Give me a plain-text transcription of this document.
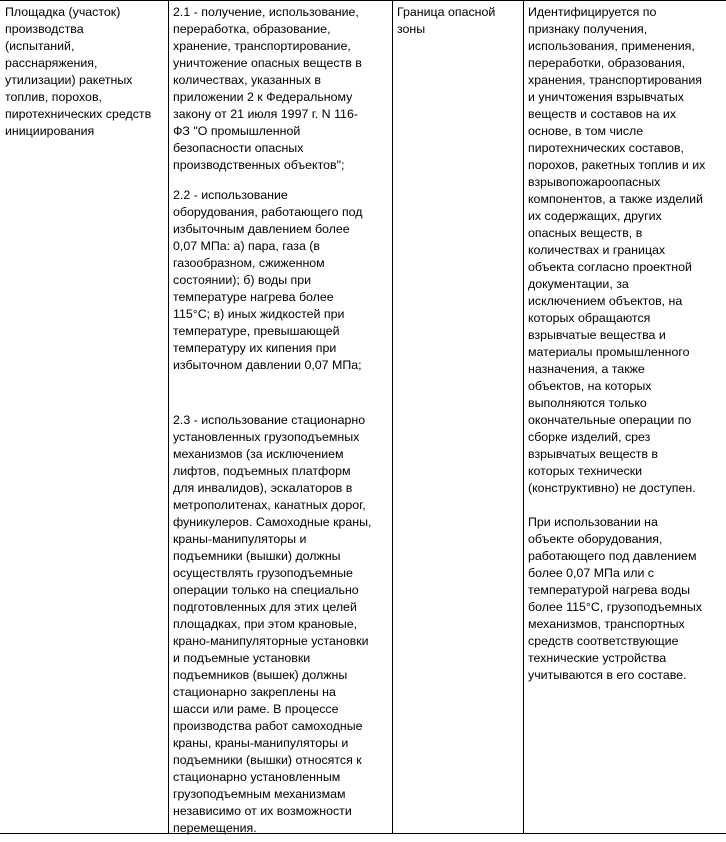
Площадка (участок)
производства
(испытаний,
расснаряжения,
утилизации) ракетных
топлив, порохов,
пиротехнических средств
инициирования
2.1 - получение, использование,
переработка, образование,
хранение, транспортирование,
уничтожение опасных веществ в
количествах, указанных в
приложении 2 к Федеральному
закону от 21 июля 1997 г. N 116-
ФЗ "О промышленной
безопасности опасных
производственных объектов";
2.2 - использование
оборудования, работающего под
избыточным давлением более
0,07 МПа: а) пара, газа (в
газообразном, сжиженном
состоянии); б) воды при
температуре нагрева более
115°С; в) иных жидкостей при
температуре, превышающей
температуру их кипения при
избыточном давлении 0,07 МПа;
2.3 - использование стационарно
установленных грузоподъемных
механизмов (за исключением
лифтов, подъемных платформ
для инвалидов), эскалаторов в
метрополитенах, канатных дорог,
фуникулеров. Самоходные краны,
краны-манипуляторы и
подъемники (вышки) должны
осуществлять грузоподъемные
операции только на специально
подготовленных для этих целей
площадках, при этом крановые,
крано-манипуляторные установки
и подъемные установки
подъемников (вышек) должны
стационарно закреплены на
шасси или раме. В процессе
производства работ самоходные
краны, краны-манипуляторы и
подъемники (вышки) относятся к
стационарно установленным
грузоподъемным механизмам
независимо от их возможности
перемещения.
Граница опасной
зоны
Идентифицируется по
признаку получения,
использования, применения,
переработки, образования,
хранения, транспортирования
и уничтожения взрывчатых
веществ и составов на их
основе, в том числе
пиротехнических составов,
порохов, ракетных топлив и их
взрывопожароопасных
компонентов, а также изделий
их содержащих, других
опасных веществ, в
количествах и границах
объекта согласно проектной
документации, за
исключением объектов, на
которых обращаются
взрывчатые вещества и
материалы промышленного
назначения, а также
объектов, на которых
выполняются только
окончательные операции по
сборке изделий, срез
взрывчатых веществ в
которых технически
(конструктивно) не доступен.
При использовании на
объекте оборудования,
работающего под давлением
более 0,07 МПа или с
температурой нагрева воды
более 115°С, грузоподъемных
механизмов, транспортных
средств соответствующие
технические устройства
учитываются в его составе.
